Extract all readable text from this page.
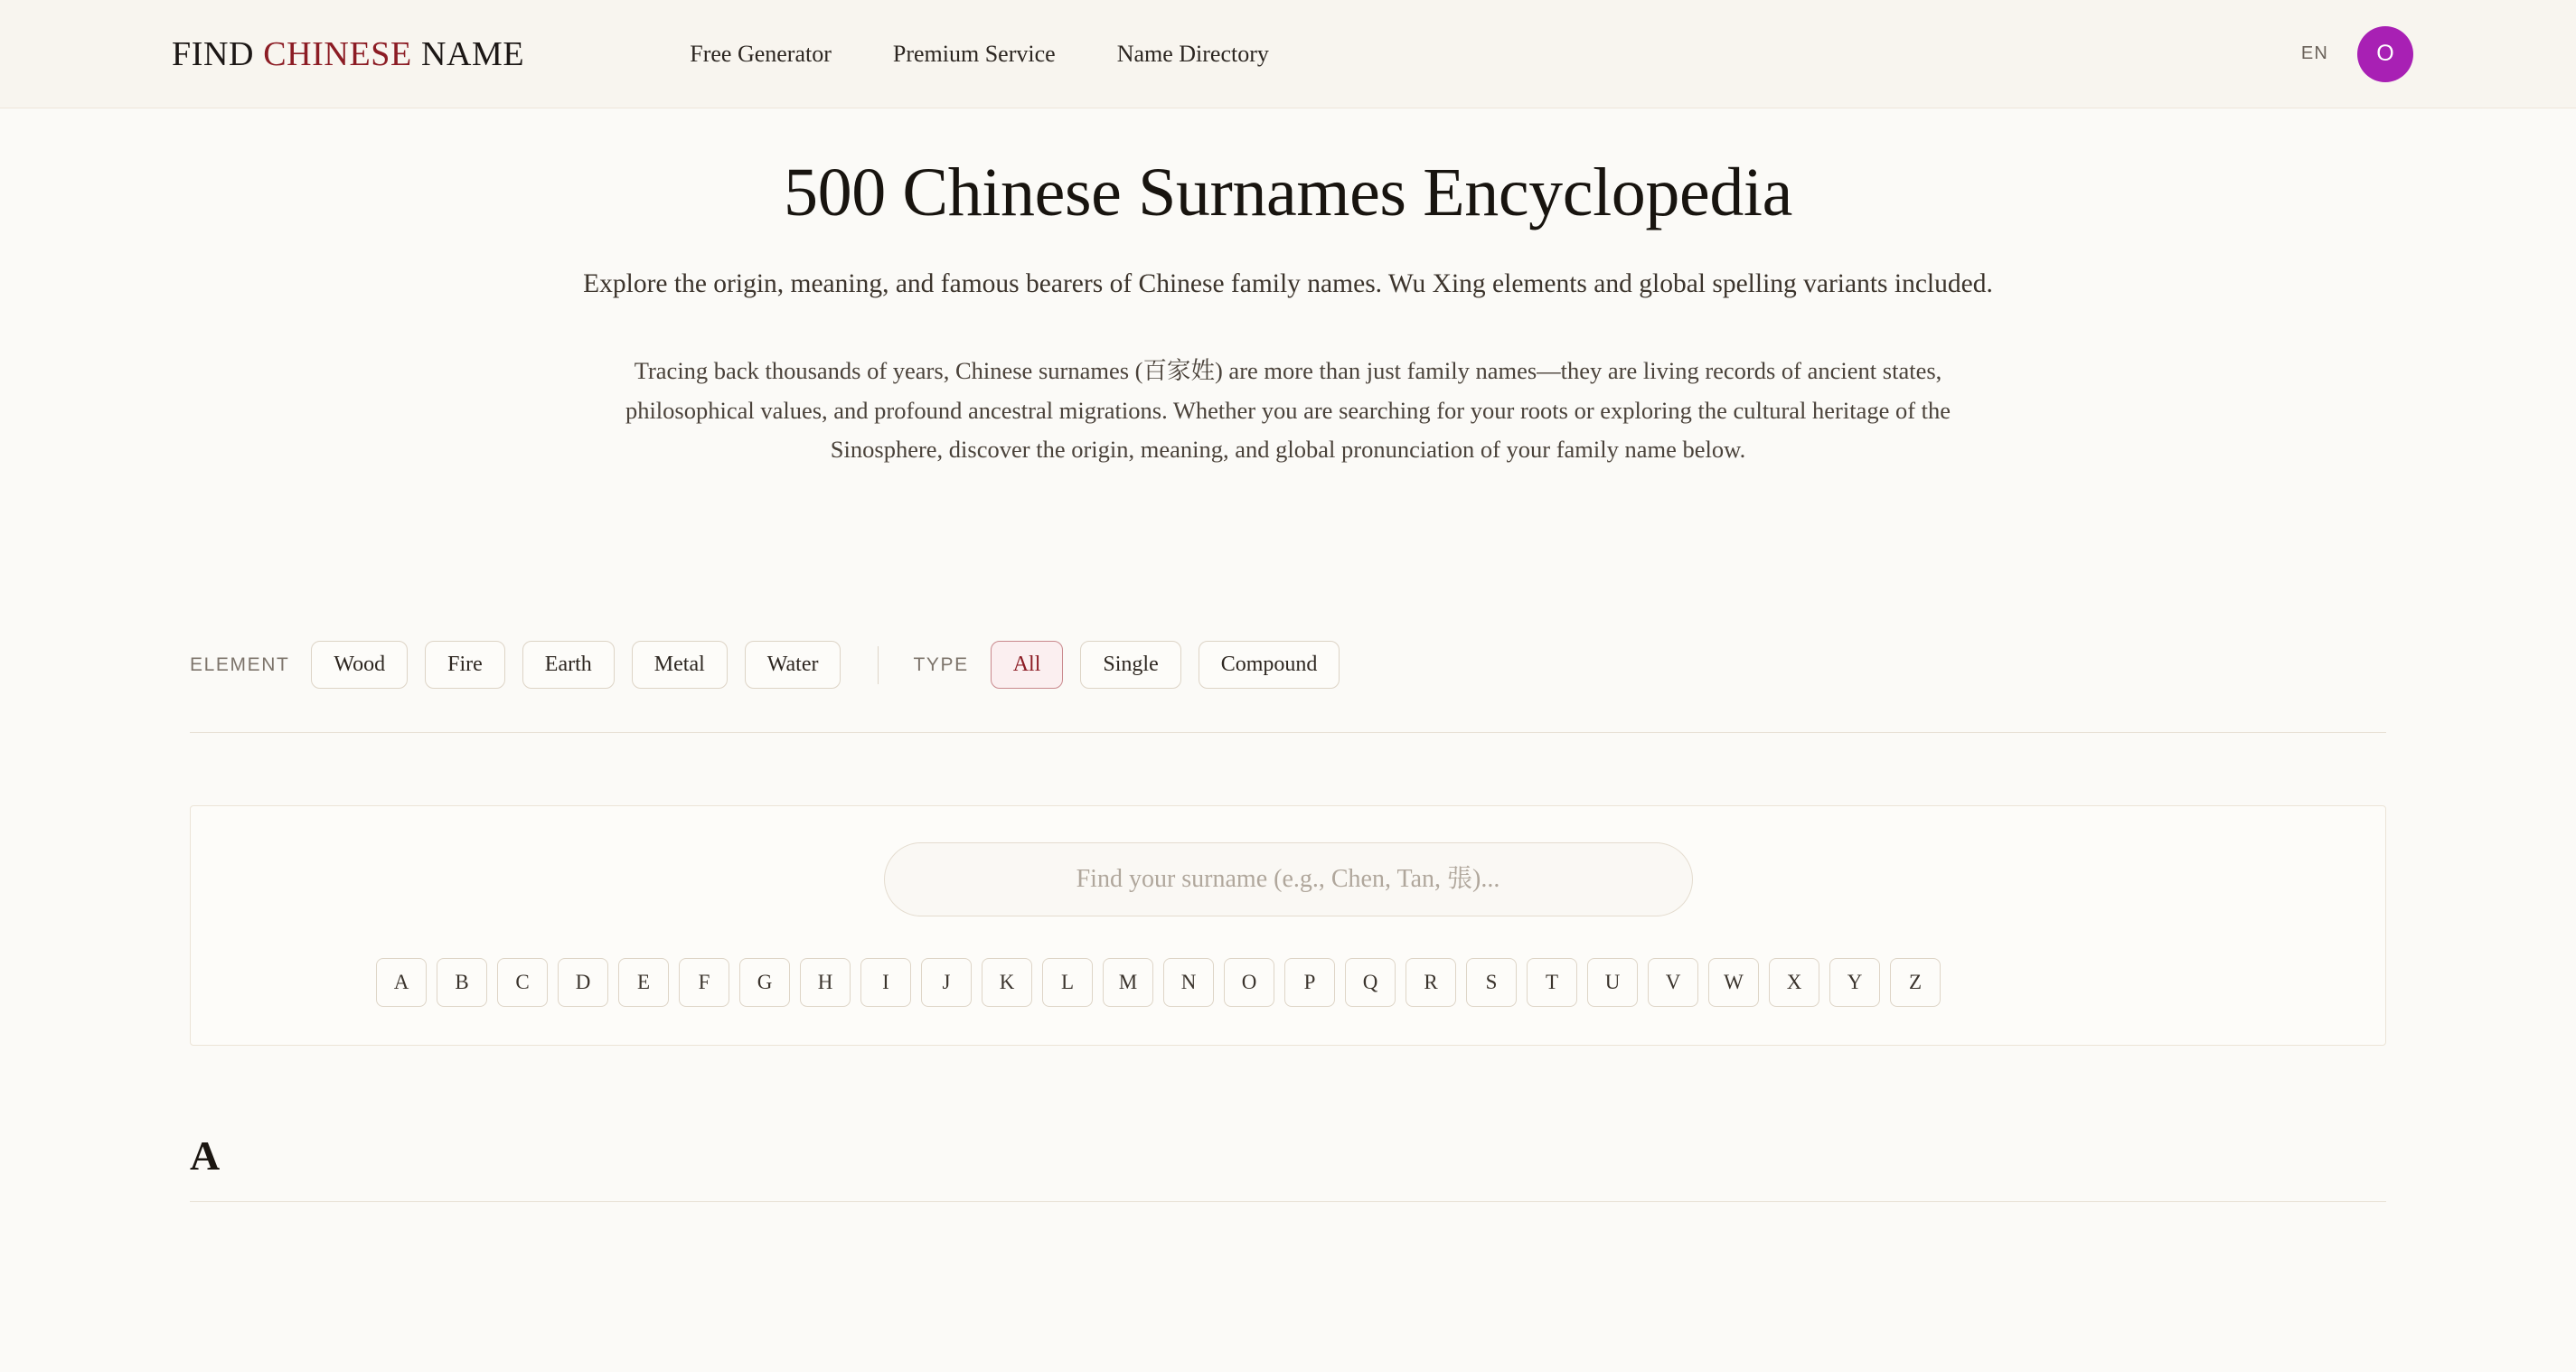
FIND CHINESE NAME	Free Generator	Premium Service	Name Directory	EN	O
500 Chinese Surnames Encyclopedia
Explore the origin, meaning, and famous bearers of Chinese family names. Wu Xing elements and global spelling variants included.
Tracing back thousands of years, Chinese surnames (百家姓) are more than just family names—they are living records of ancient states, philosophical values, and profound ancestral migrations. Whether you are searching for your roots or exploring the cultural heritage of the Sinosphere, discover the origin, meaning, and global pronunciation of your family name below.
ELEMENT	Wood	Fire	Earth	Metal	Water	TYPE	All	Single	Compound
Find your surname (e.g., Chen, Tan, 張)...
A	B	C	D	E	F	G	H	I	J	K	L	M	N	O	P	Q	R	S	T	U	V	W	X	Y	Z
A
